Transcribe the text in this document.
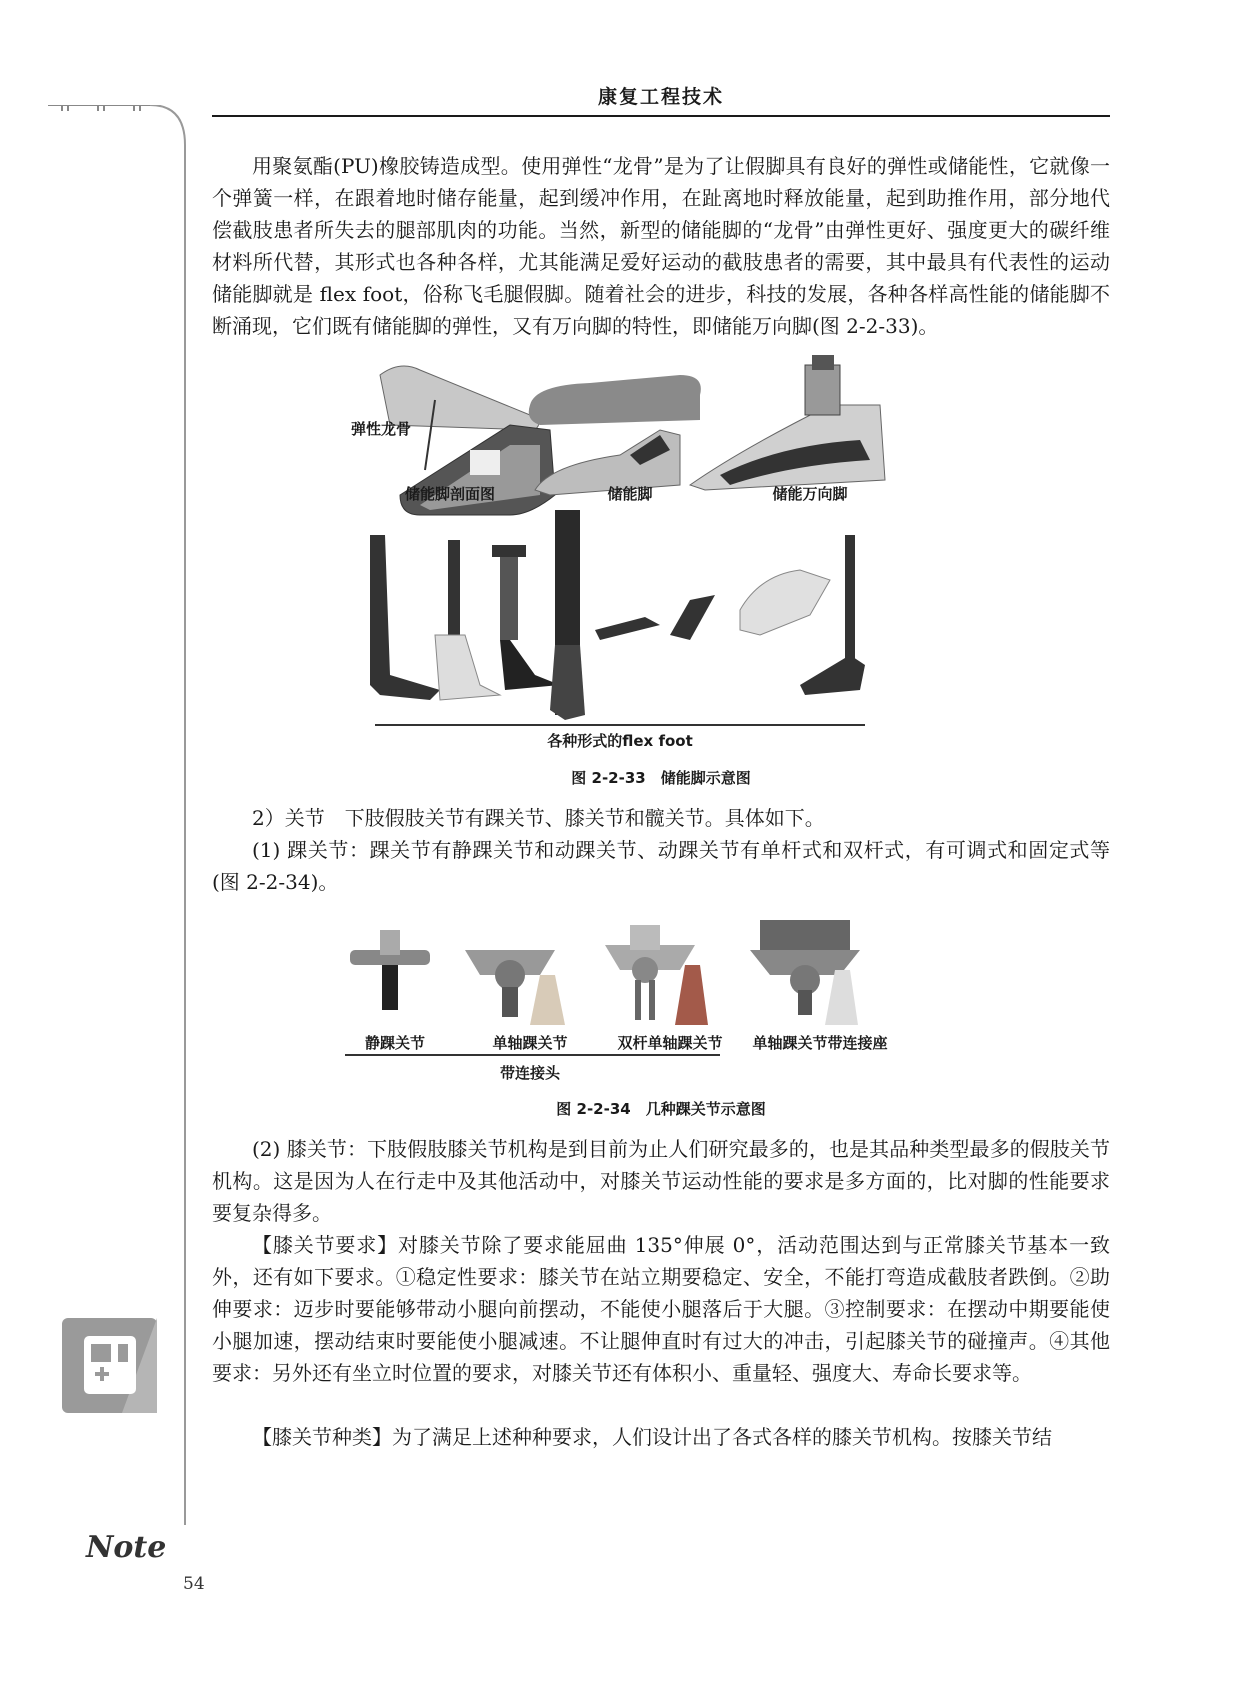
康复工程技术

用聚氨酯(PU)橡胶铸造成型。使用弹性“龙骨”是为了让假脚具有良好的弹性或储能性，它就像一个弹簧一样，在跟着地时储存能量，起到缓冲作用，在趾离地时释放能量，起到助推作用，部分地代偿截肢患者所失去的腿部肌肉的功能。当然，新型的储能脚的“龙骨”由弹性更好、强度更大的碳纤维材料所代替，其形式也各种各样，尤其能满足爱好运动的截肢患者的需要，其中最具有代表性的运动储能脚就是 flex foot，俗称飞毛腿假脚。随着社会的进步，科技的发展，各种各样高性能的储能脚不断涌现，它们既有储能脚的弹性，又有万向脚的特性，即储能万向脚(图 2-2-33)。

弹性龙骨
储能脚剖面图	储能脚	储能万向脚
各种形式的flex foot
图 2-2-33　储能脚示意图

2）关节　下肢假肢关节有踝关节、膝关节和髋关节。具体如下。

(1) 踝关节：踝关节有静踝关节和动踝关节、动踝关节有单杆式和双杆式，有可调式和固定式等(图 2-2-34)。

静踝关节	单轴踝关节
带连接头
双杆单轴踝关节	单轴踝关节带连接座
图 2-2-34　几种踝关节示意图

(2) 膝关节：下肢假肢膝关节机构是到目前为止人们研究最多的，也是其品种类型最多的假肢关节机构。这是因为人在行走中及其他活动中，对膝关节运动性能的要求是多方面的，比对脚的性能要求要复杂得多。

【膝关节要求】对膝关节除了要求能屈曲 135°伸展 0°，活动范围达到与正常膝关节基本一致外，还有如下要求。①稳定性要求：膝关节在站立期要稳定、安全，不能打弯造成截肢者跌倒。②助伸要求：迈步时要能够带动小腿向前摆动，不能使小腿落后于大腿。③控制要求：在摆动中期要能使小腿加速，摆动结束时要能使小腿减速。不让腿伸直时有过大的冲击，引起膝关节的碰撞声。④其他要求：另外还有坐立时位置的要求，对膝关节还有体积小、重量轻、强度大、寿命长要求等。

【膝关节种类】为了满足上述种种要求，人们设计出了各式各样的膝关节机构。按膝关节结

Note
54
